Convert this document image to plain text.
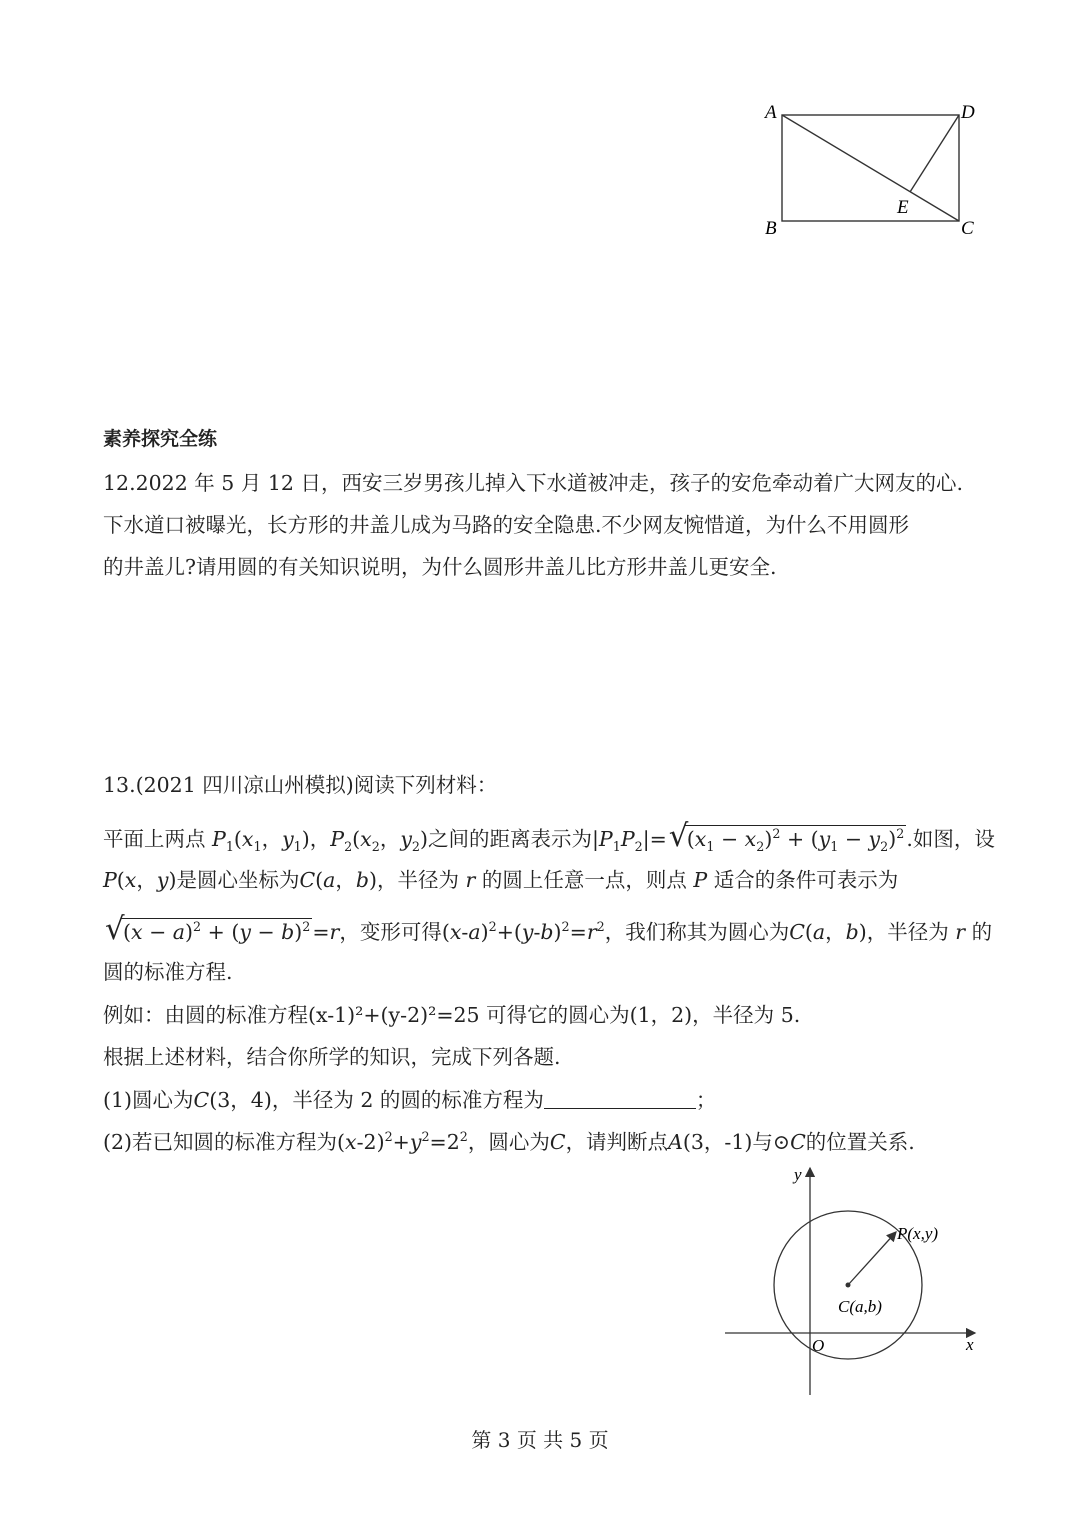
A	D
B	C
E
素养探究全练
12.2022 年 5 月 12 日，西安三岁男孩儿掉入下水道被冲走，孩子的安危牵动着广大网友的心.
下水道口被曝光，长方形的井盖儿成为马路的安全隐患.不少网友惋惜道，为什么不用圆形
的井盖儿?请用圆的有关知识说明，为什么圆形井盖儿比方形井盖儿更安全.
13.(2021 四川凉山州模拟)阅读下列材料：
平面上两点 $P_1(x_1$，$y_1$)，$P_2(x_2$，$y_2$)之间的距离表示为$|P_1P_2|=$ √
$(x_1 - x_2)^2 + (y_1 - y_2)^2$.如图，设
P(x，y)是圆心坐标为C(a，b)，半径为 r 的圆上任意一点，则点 P 适合的条件可表示为
√
$(x - a)^2 + (y - b)^2=r$，变形可得$(x-a)^2+(y-b)^2=r^2$，我们称其为圆心为C(a，b)，半径为 r 的
圆的标准方程.
例如：由圆的标准方程(x-1)²+(y-2)²=25 可得它的圆心为(1，2)，半径为 5.
根据上述材料，结合你所学的知识，完成下列各题.
(1)圆心为C(3，4)，半径为 2 的圆的标准方程为	；
(2)若已知圆的标准方程为$(x-2)^2+y^2=2^2$，圆心为C，请判断点A(3，-1)与⊙C的位置关系.
y
x
O
P(x,y)
C(a,b)
第 3 页 共 5 页
